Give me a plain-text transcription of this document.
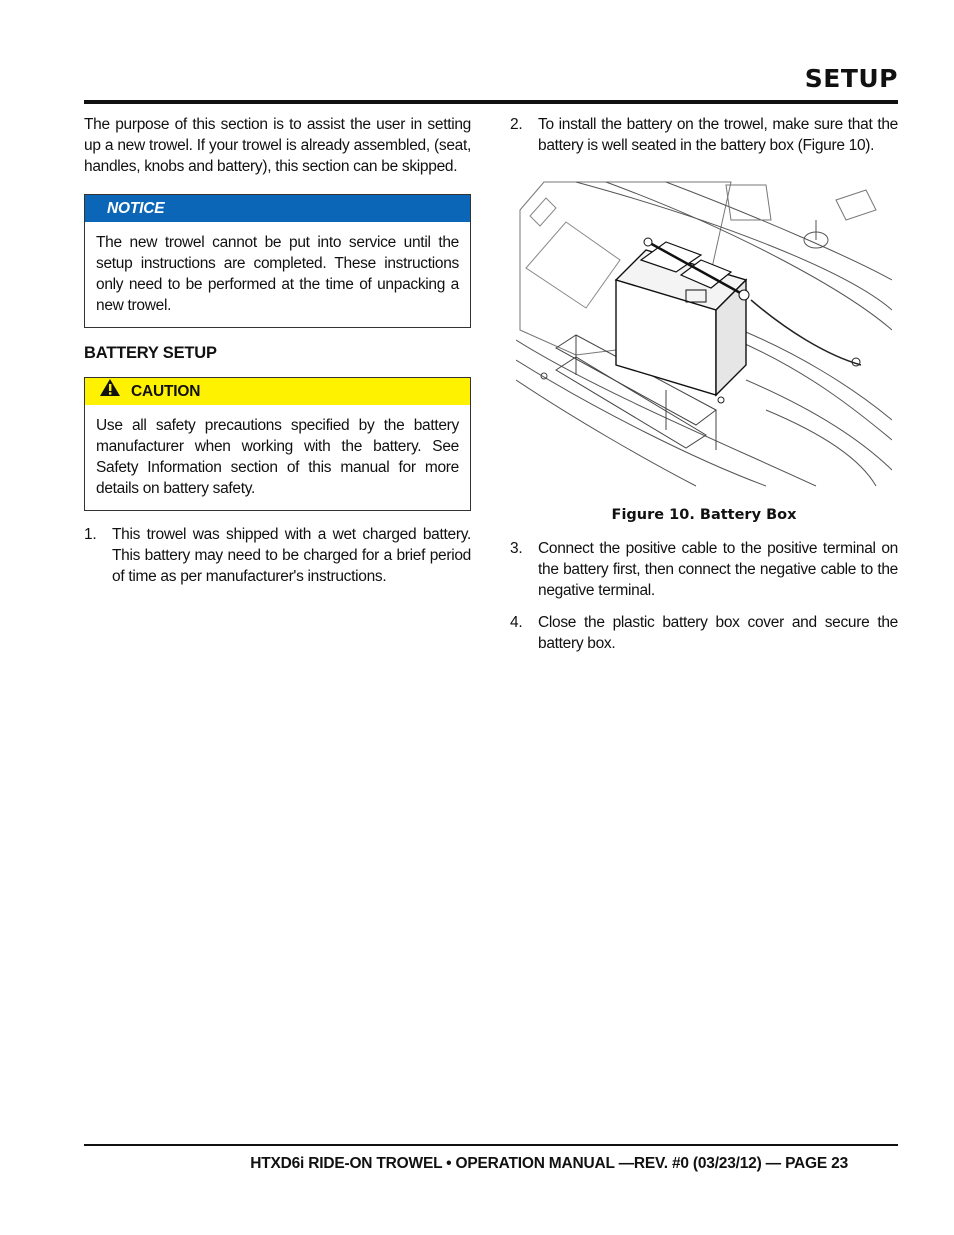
SETUP

The purpose of this section is to assist the user in setting up a new trowel. If your trowel is already assembled, (seat, handles, knobs and battery), this section can be skipped.

NOTICE
The new trowel cannot be put into service until the setup instructions are completed. These instructions only need to be performed at the time of unpacking a new trowel.
BATTERY SETUP
CAUTION
Use all safety precautions specified by the battery manufacturer when working with the battery. See Safety Information section of this manual for more details on battery safety.
1.	This trowel was shipped with a wet charged battery. This battery may need to be charged for a brief period of time as per manufacturer's instructions.
2.	To install the battery on the trowel, make sure that the battery is well seated in the battery box (Figure 10).
Figure 10. Battery Box
3.	Connect the positive cable to the positive terminal on the battery first, then connect the negative cable to the negative terminal.
4.	Close the plastic battery box cover and secure the battery box.
HTXD6i RIDE-ON TROWEL • OPERATION MANUAL —REV. #0 (03/23/12) — PAGE 23
